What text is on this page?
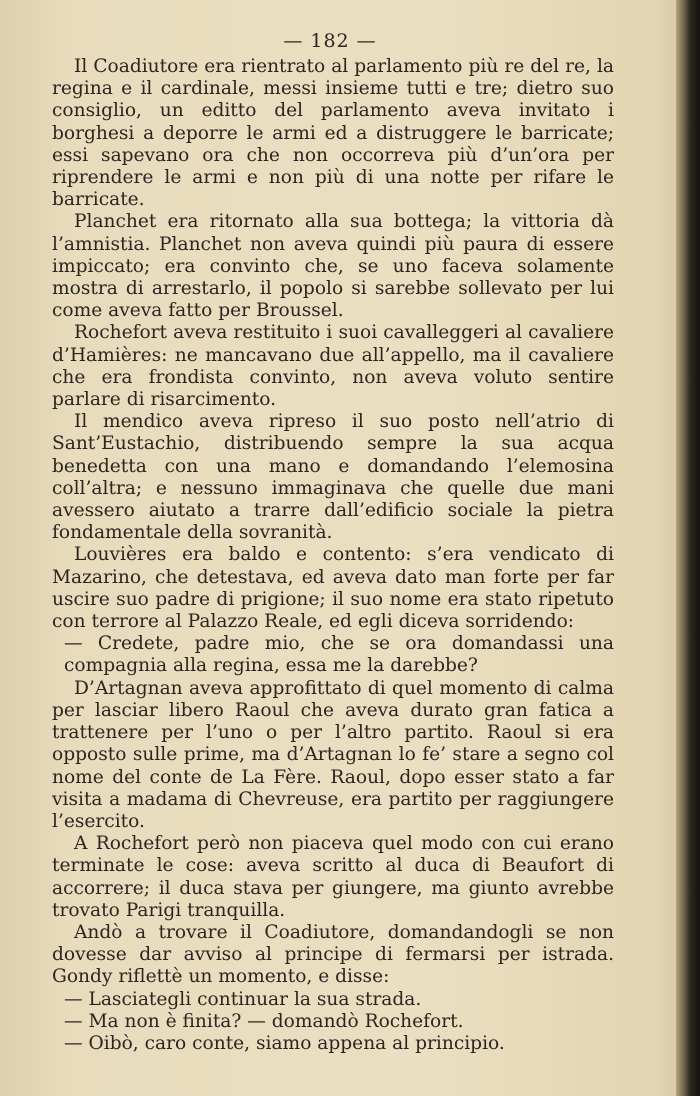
— 182 —

Il Coadiutore era rientrato al parlamento più re del re, la regina e il cardinale, messi insieme tutti e tre; dietro suo consiglio, un editto del parlamento aveva invitato i borghesi a deporre le armi ed a distruggere le barricate; essi sapevano ora che non occorreva più d’un’ora per riprendere le armi e non più di una notte per rifare le barricate.

Planchet era ritornato alla sua bottega; la vittoria dà l’amnistia. Planchet non aveva quindi più paura di essere impiccato; era convinto che, se uno faceva solamente mostra di arrestarlo, il popolo si sarebbe sollevato per lui come aveva fatto per Broussel.

Rochefort aveva restituito i suoi cavalleggeri al cavaliere d’Hamières: ne mancavano due all’appello, ma il cavaliere che era frondista convinto, non aveva voluto sentire parlare di risarcimento.

Il mendico aveva ripreso il suo posto nell’atrio di Sant’Eustachio, distribuendo sempre la sua acqua benedetta con una mano e domandando l’elemosina coll’altra; e nessuno immaginava che quelle due mani avessero aiutato a trarre dall’edificio sociale la pietra fondamentale della sovranità.

Louvières era baldo e contento: s’era vendicato di Mazarino, che detestava, ed aveva dato man forte per far uscire suo padre di prigione; il suo nome era stato ripetuto con terrore al Palazzo Reale, ed egli diceva sorridendo:

— Credete, padre mio, che se ora domandassi una compagnia alla regina, essa me la darebbe?

D’Artagnan aveva approfittato di quel momento di calma per lasciar libero Raoul che aveva durato gran fatica a trattenere per l’uno o per l’altro partito. Raoul si era opposto sulle prime, ma d’Artagnan lo fe’ stare a segno col nome del conte de La Fère. Raoul, dopo esser stato a far visita a madama di Chevreuse, era partito per raggiungere l’esercito.

A Rochefort però non piaceva quel modo con cui erano terminate le cose: aveva scritto al duca di Beaufort di accorrere; il duca stava per giungere, ma giunto avrebbe trovato Parigi tranquilla.

Andò a trovare il Coadiutore, domandandogli se non dovesse dar avviso al principe di fermarsi per istrada. Gondy riflettè un momento, e disse:

— Lasciategli continuar la sua strada.

— Ma non è finita? — domandò Rochefort.

— Oibò, caro conte, siamo appena al principio.
